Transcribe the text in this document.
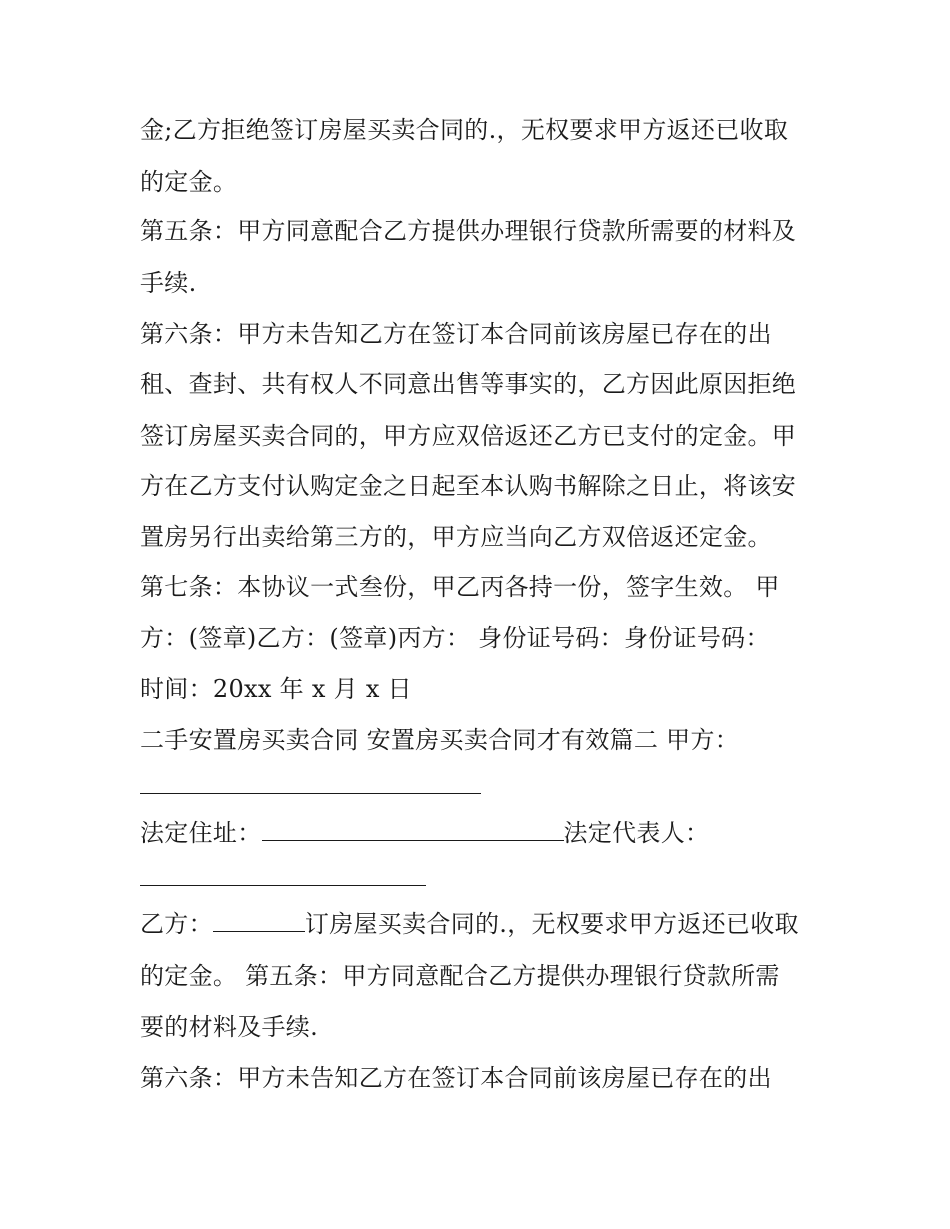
金;乙方拒绝签订房屋买卖合同的.，无权要求甲方返还已收取

的定金。

第五条：甲方同意配合乙方提供办理银行贷款所需要的材料及

手续.

第六条：甲方未告知乙方在签订本合同前该房屋已存在的出

租、查封、共有权人不同意出售等事实的，乙方因此原因拒绝

签订房屋买卖合同的，甲方应双倍返还乙方已支付的定金。甲

方在乙方支付认购定金之日起至本认购书解除之日止，将该安

置房另行出卖给第三方的，甲方应当向乙方双倍返还定金。

第七条：本协议一式叁份，甲乙丙各持一份，签字生效。 甲

方：(签章)乙方：(签章)丙方： 身份证号码：身份证号码：

时间：20xx 年 x 月 x 日

二手安置房买卖合同 安置房买卖合同才有效篇二 甲方：

法定住址：	法定代表人：

乙方：	订房屋买卖合同的.，无权要求甲方返还已收取

的定金。 第五条：甲方同意配合乙方提供办理银行贷款所需

要的材料及手续.

第六条：甲方未告知乙方在签订本合同前该房屋已存在的出
